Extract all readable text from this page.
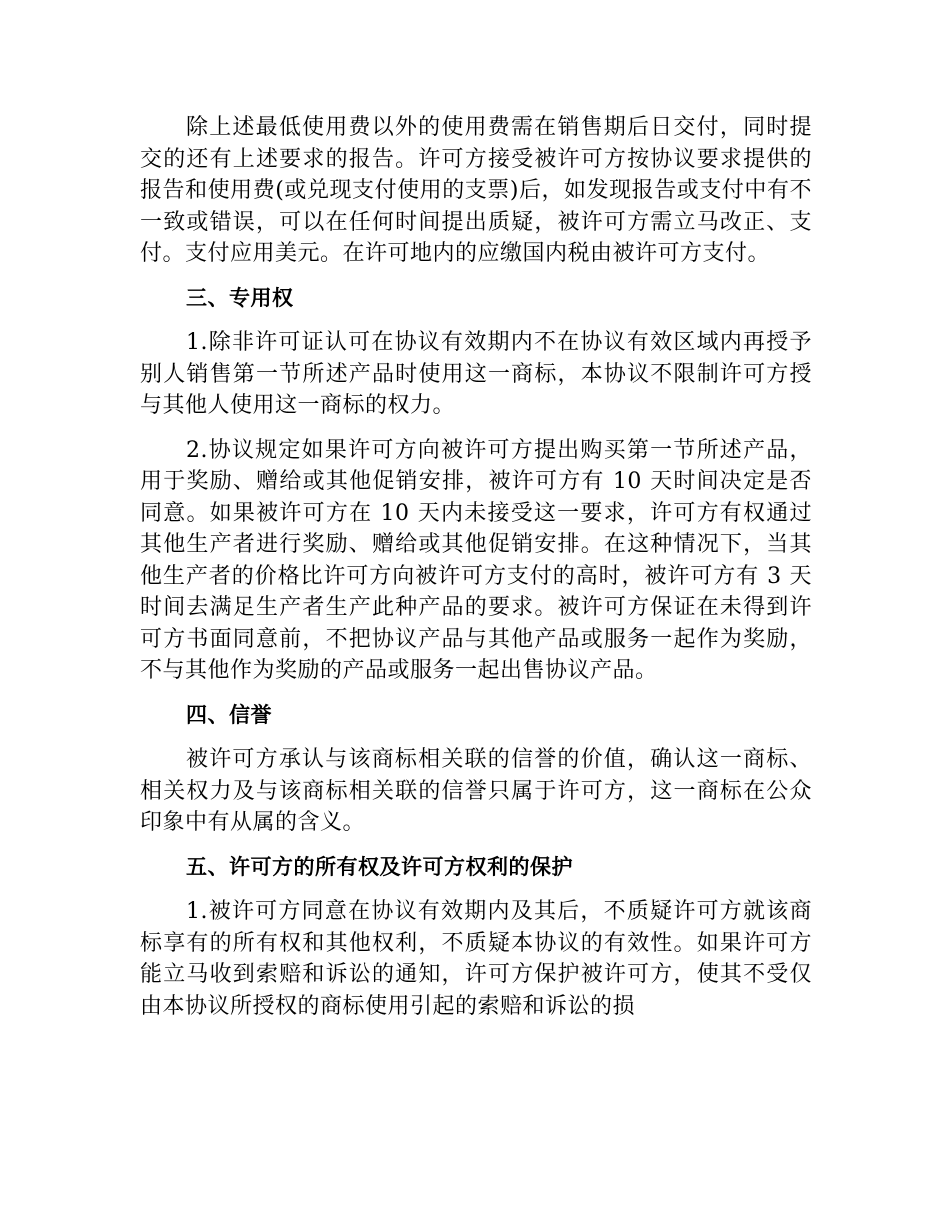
除上述最低使用费以外的使用费需在销售期后日交付，同时提交的还有上述要求的报告。许可方接受被许可方按协议要求提供的报告和使用费(或兑现支付使用的支票)后，如发现报告或支付中有不一致或错误，可以在任何时间提出质疑，被许可方需立马改正、支付。支付应用美元。在许可地内的应缴国内税由被许可方支付。

三、专用权

1.除非许可证认可在协议有效期内不在协议有效区域内再授予别人销售第一节所述产品时使用这一商标，本协议不限制许可方授与其他人使用这一商标的权力。

2.协议规定如果许可方向被许可方提出购买第一节所述产品，用于奖励、赠给或其他促销安排，被许可方有 10 天时间决定是否同意。如果被许可方在 10 天内未接受这一要求，许可方有权通过其他生产者进行奖励、赠给或其他促销安排。在这种情况下，当其他生产者的价格比许可方向被许可方支付的高时，被许可方有 3 天时间去满足生产者生产此种产品的要求。被许可方保证在未得到许可方书面同意前，不把协议产品与其他产品或服务一起作为奖励，不与其他作为奖励的产品或服务一起出售协议产品。

四、信誉

被许可方承认与该商标相关联的信誉的价值，确认这一商标、相关权力及与该商标相关联的信誉只属于许可方，这一商标在公众印象中有从属的含义。

五、许可方的所有权及许可方权利的保护

1.被许可方同意在协议有效期内及其后，不质疑许可方就该商标享有的所有权和其他权利，不质疑本协议的有效性。如果许可方能立马收到索赔和诉讼的通知，许可方保护被许可方，使其不受仅由本协议所授权的商标使用引起的索赔和诉讼的损
